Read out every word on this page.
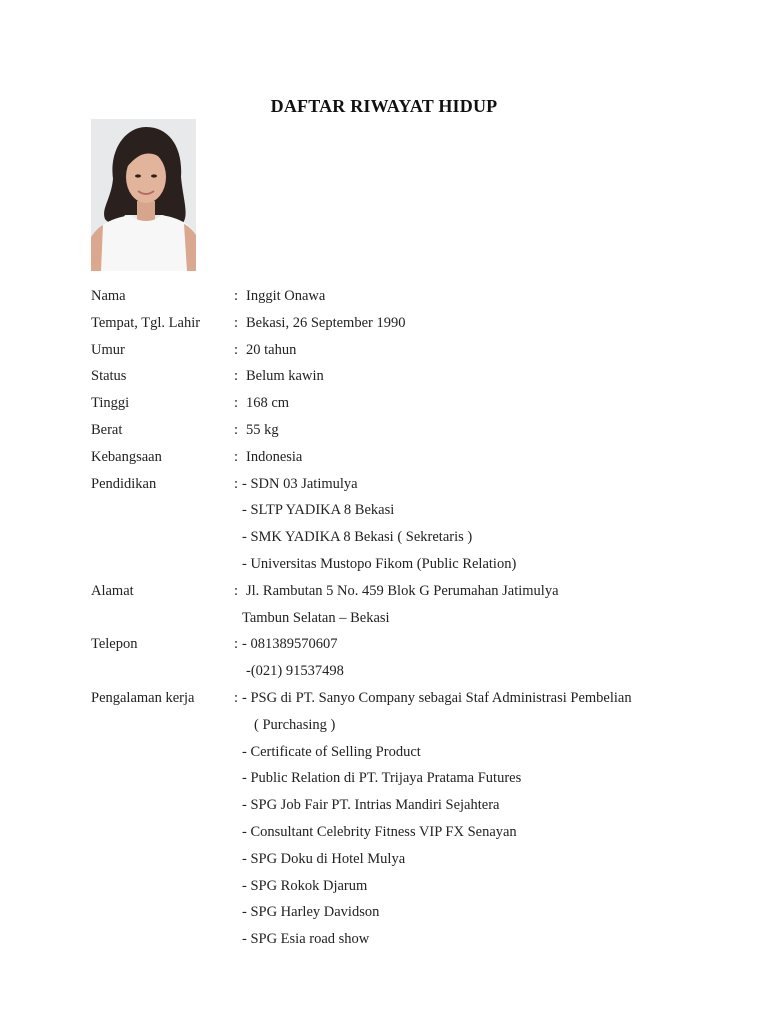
DAFTAR RIWAYAT HIDUP
Nama	: Inggit Onawa
Tempat, Tgl. Lahir : Bekasi, 26 September 1990
Umur	: 20 tahun
Status	: Belum kawin
Tinggi	: 168 cm
Berat	: 55 kg
Kebangsaan	: Indonesia
Pendidikan	: - SDN 03 Jatimulya
- SLTP YADIKA 8 Bekasi
- SMK YADIKA 8 Bekasi ( Sekretaris )
- Universitas Mustopo Fikom (Public Relation)
Alamat	: Jl. Rambutan 5 No. 459 Blok G Perumahan Jatimulya
Tambun Selatan – Bekasi
Telepon	: - 081389570607
-(021) 91537498
Pengalaman kerja	: - PSG di PT. Sanyo Company sebagai Staf Administrasi Pembelian
( Purchasing )
- Certificate of Selling Product
- Public Relation di PT. Trijaya Pratama Futures
- SPG Job Fair PT. Intrias Mandiri Sejahtera
- Consultant Celebrity Fitness VIP FX Senayan
- SPG Doku di Hotel Mulya
- SPG Rokok Djarum
- SPG Harley Davidson
- SPG Esia road show
